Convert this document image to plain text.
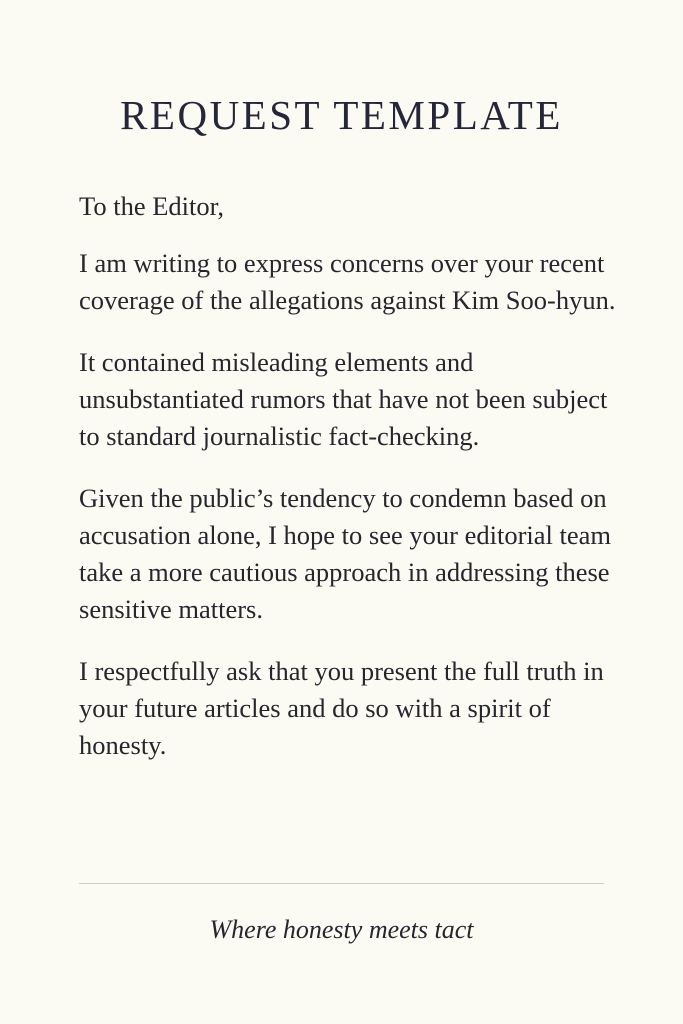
REQUEST TEMPLATE

To the Editor,

I am writing to express concerns over your recent coverage of the allegations against Kim Soo-hyun.

It contained misleading elements and unsubstantiated rumors that have not been subject to standard journalistic fact-checking.

Given the public’s tendency to condemn based on accusation alone, I hope to see your editorial team take a more cautious approach in addressing these sensitive matters.

I respectfully ask that you present the full truth in your future articles and do so with a spirit of honesty.

Where honesty meets tact
